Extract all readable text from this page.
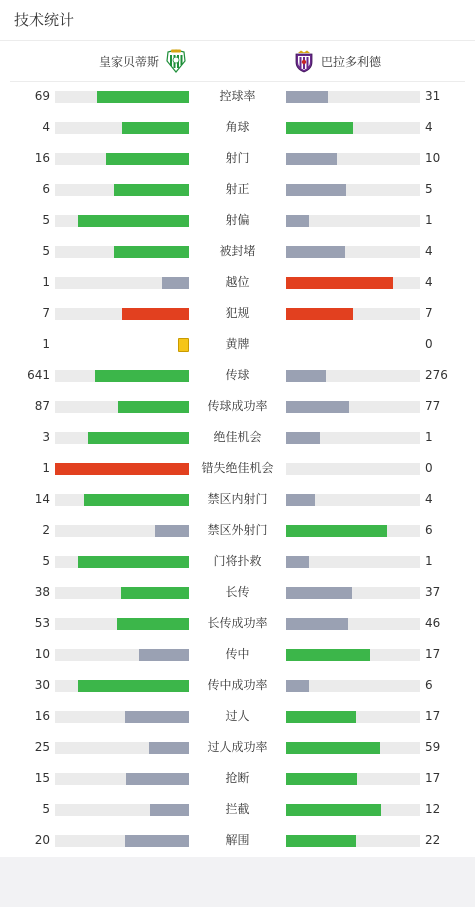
技术统计
皇家贝蒂斯	巴拉多利德
69	控球率	31
4	角球	4
16	射门	10
6	射正	5
5	射偏	1
5	被封堵	4
1	越位	4
7	犯规	7
1	黄牌	0
641	传球	276
87	传球成功率	77
3	绝佳机会	1
1	错失绝佳机会	0
14	禁区内射门	4
2	禁区外射门	6
5	门将扑救	1
38	长传	37
53	长传成功率	46
10	传中	17
30	传中成功率	6
16	过人	17
25	过人成功率	59
15	抢断	17
5	拦截	12
20	解围	22
